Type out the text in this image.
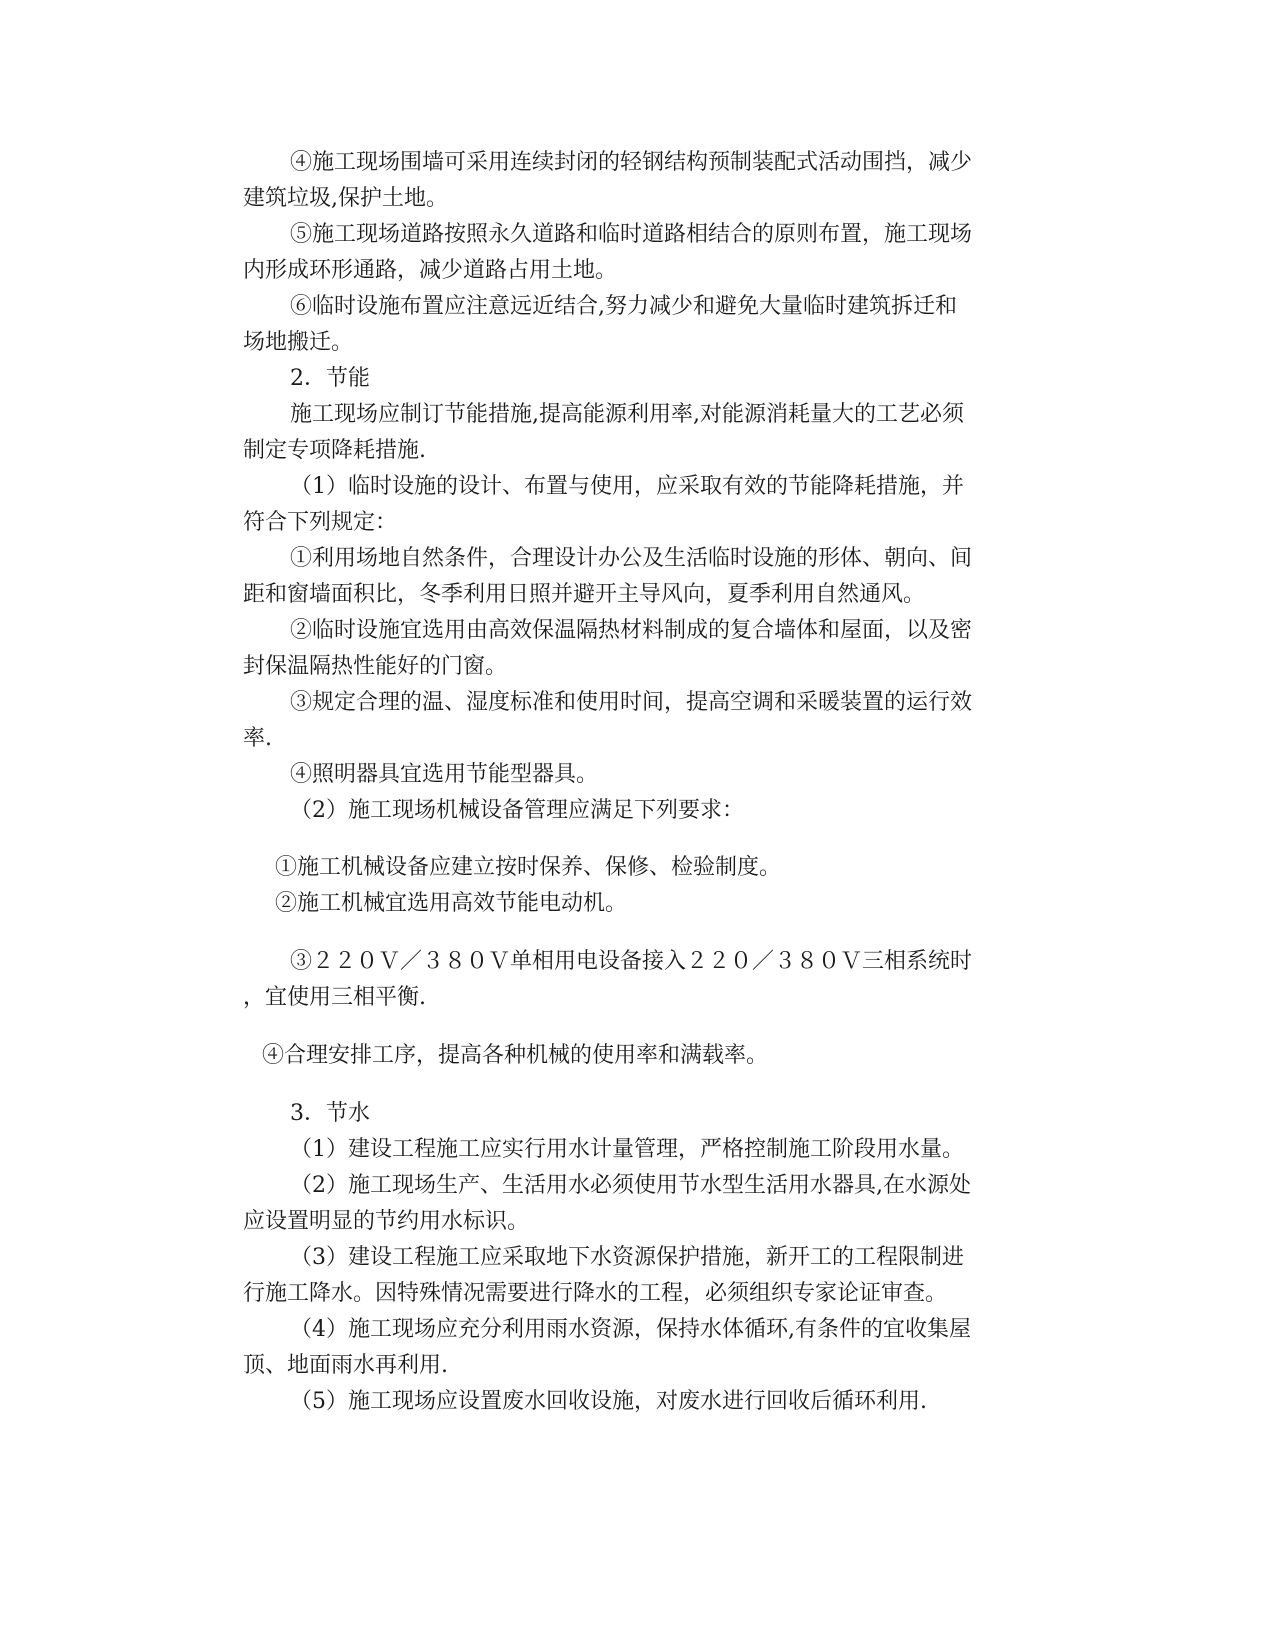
④施工现场围墙可采用连续封闭的轻钢结构预制装配式活动围挡，减少
建筑垃圾,保护土地。
⑤施工现场道路按照永久道路和临时道路相结合的原则布置，施工现场
内形成环形通路，减少道路占用土地。
⑥临时设施布置应注意远近结合,努力减少和避免大量临时建筑拆迁和
场地搬迁。
2．节能
施工现场应制订节能措施,提高能源利用率,对能源消耗量大的工艺必须
制定专项降耗措施.
（1）临时设施的设计、布置与使用，应采取有效的节能降耗措施，并
符合下列规定：
①利用场地自然条件，合理设计办公及生活临时设施的形体、朝向、间
距和窗墙面积比，冬季利用日照并避开主导风向，夏季利用自然通风。
②临时设施宜选用由高效保温隔热材料制成的复合墙体和屋面，以及密
封保温隔热性能好的门窗。
③规定合理的温、湿度标准和使用时间，提高空调和采暖装置的运行效
率.
④照明器具宜选用节能型器具。
（2）施工现场机械设备管理应满足下列要求：
①施工机械设备应建立按时保养、保修、检验制度。
②施工机械宜选用高效节能电动机。
③２２０Ｖ／３８０Ｖ单相用电设备接入２２０／３８０Ｖ三相系统时
，宜使用三相平衡.
④合理安排工序，提高各种机械的使用率和满载率。
3．节水
（1）建设工程施工应实行用水计量管理，严格控制施工阶段用水量。
（2）施工现场生产、生活用水必须使用节水型生活用水器具,在水源处
应设置明显的节约用水标识。
（3）建设工程施工应采取地下水资源保护措施，新开工的工程限制进
行施工降水。因特殊情况需要进行降水的工程，必须组织专家论证审查。
（4）施工现场应充分利用雨水资源，保持水体循环,有条件的宜收集屋
顶、地面雨水再利用.
（5）施工现场应设置废水回收设施，对废水进行回收后循环利用.
